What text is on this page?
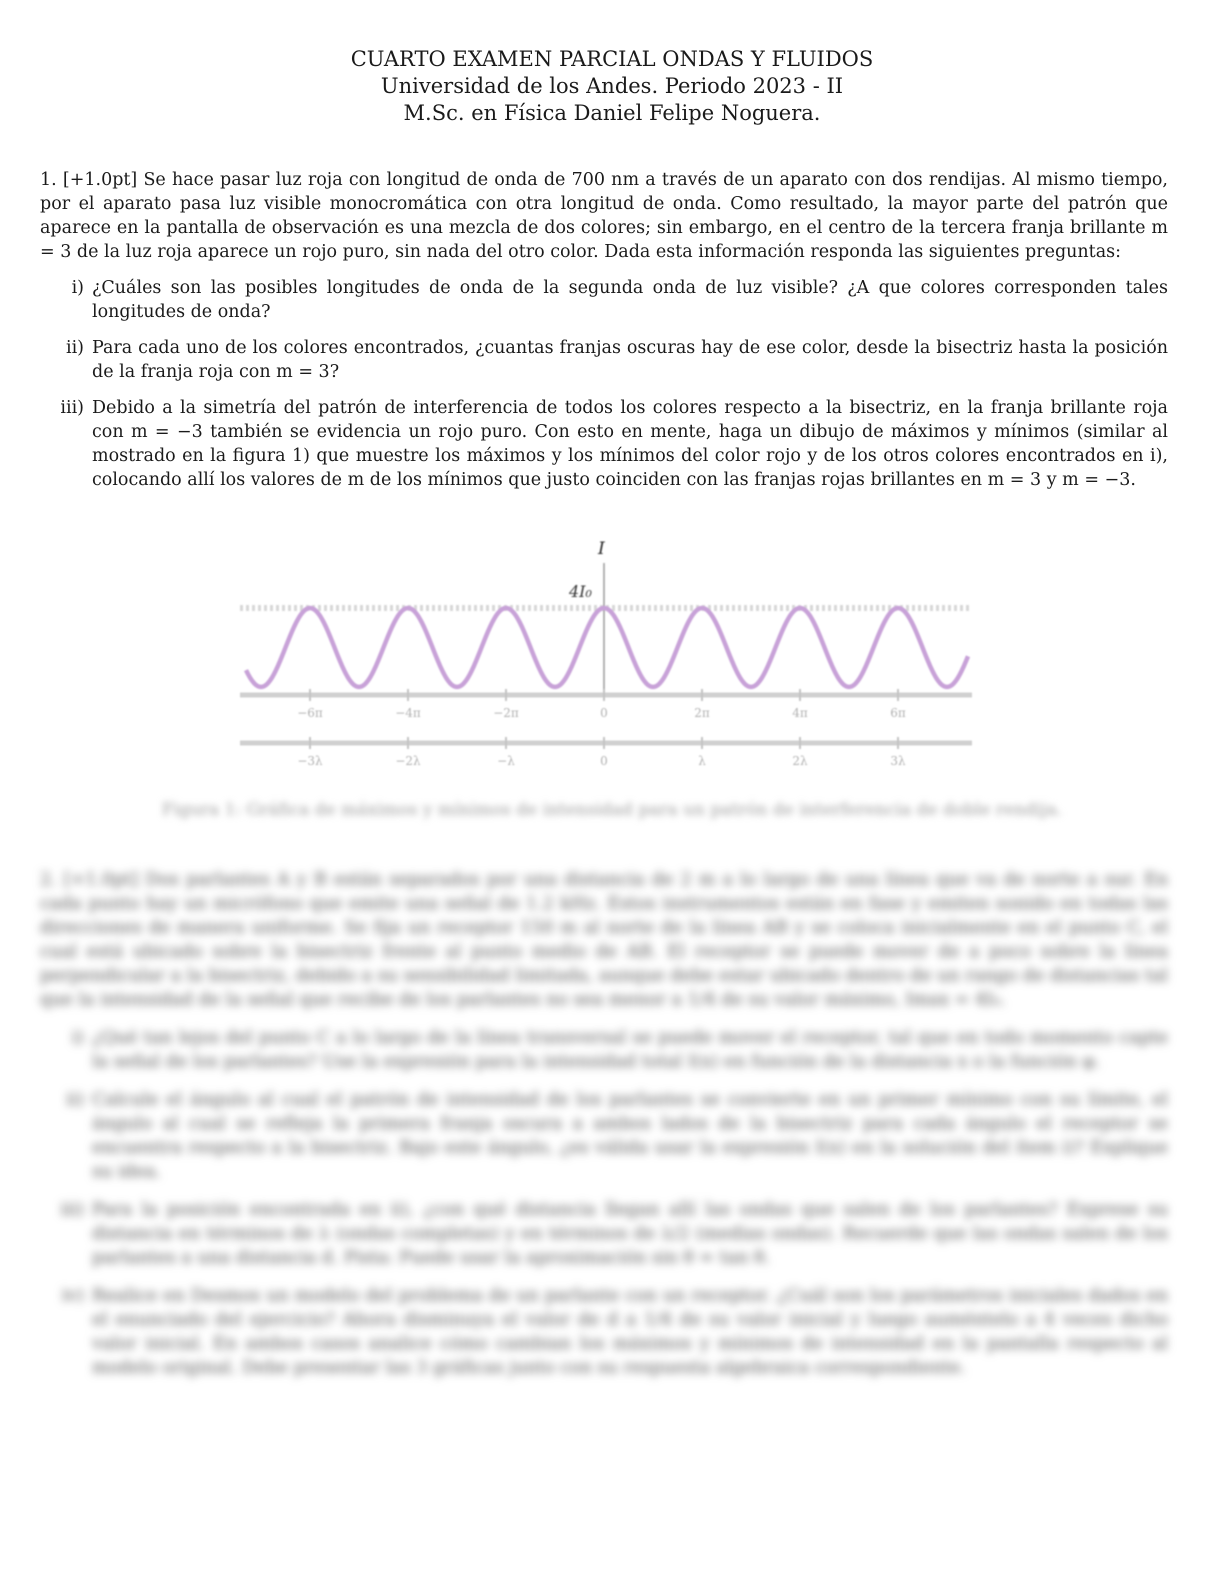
CUARTO EXAMEN PARCIAL ONDAS Y FLUIDOS
Universidad de los Andes. Periodo 2023 - II
M.Sc. en Física Daniel Felipe Noguera.
1. [+1.0pt] Se hace pasar luz roja con longitud de onda de 700 nm a través de un aparato con dos rendijas. Al mismo tiempo, por el aparato pasa luz visible monocromática con otra longitud de onda. Como resultado, la mayor parte del patrón que aparece en la pantalla de observación es una mezcla de dos colores; sin embargo, en el centro de la tercera franja brillante m = 3 de la luz roja aparece un rojo puro, sin nada del otro color. Dada esta información responda las siguientes preguntas:
i) ¿Cuáles son las posibles longitudes de onda de la segunda onda de luz visible? ¿A que colores corresponden tales longitudes de onda?
ii) Para cada uno de los colores encontrados, ¿cuantas franjas oscuras hay de ese color, desde la bisectriz hasta la posición de la franja roja con m = 3?
iii) Debido a la simetría del patrón de interferencia de todos los colores respecto a la bisectriz, en la franja brillante roja con m = −3 también se evidencia un rojo puro. Con esto en mente, haga un dibujo de máximos y mínimos (similar al mostrado en la figura 1) que muestre los máximos y los mínimos del color rojo y de los otros colores encontrados en i), colocando allí los valores de m de los mínimos que justo coinciden con las franjas rojas brillantes en m = 3 y m = −3.
I
4I₀
−6π
−3λ
−4π
−2λ
−2π
−λ
0
0
2π
λ
4π
2λ
6π
3λ
Figura 1: Gráfica de máximos y mínimos de intensidad para un patrón de interferencia de doble rendija.
2. [+1.0pt] Dos parlantes A y B están separados por una distancia de 2 m a lo largo de una línea que va de norte a sur. En cada punto hay un micrófono que emite una señal de 1.2 kHz. Estos instrumentos están en fase y emiten sonido en todas las direcciones de manera uniforme. Se fija un receptor 150 m al norte de la línea AB y se coloca inicialmente en el punto C, el cual está ubicado sobre la bisectriz frente al punto medio de AB. El receptor se puede mover de a poco sobre la línea perpendicular a la bisectriz, debido a su sensibilidad limitada, aunque debe estar ubicado dentro de un rango de distancias tal que la intensidad de la señal que recibe de los parlantes no sea menor a 1/4 de su valor máximo, Imax = 4I₀.
i) ¿Qué tan lejos del punto C a lo largo de la línea transversal se puede mover el receptor, tal que en todo momento capte la señal de los parlantes? Use la expresión para la intensidad total I(x) en función de la distancia x o la función φ.
ii) Calcule el ángulo al cual el patrón de intensidad de los parlantes se convierte en un primer mínimo con su límite, el ángulo al cual se refleja la primera franja oscura a ambos lados de la bisectriz para cada ángulo el receptor se encuentra respecto a la bisectriz. Bajo este ángulo, ¿es válida usar la expresión I(x) en la solución del ítem i)? Explique su idea.
iii) Para la posición encontrada en ii), ¿con qué distancia llegan allí las ondas que salen de los parlantes? Exprese su distancia en términos de λ (ondas completas) y en términos de λ/2 (medias ondas). Recuerde que las ondas salen de los parlantes a una distancia d. Pista: Puede usar la aproximación sin θ ≈ tan θ.
iv) Realice en Desmos un modelo del problema de un parlante con un receptor. ¿Cuál son los parámetros iniciales dados en el enunciado del ejercicio? Ahora disminuya el valor de d a 1/4 de su valor inicial y luego auméntelo a 4 veces dicho valor inicial. En ambos casos analice cómo cambian los máximos y mínimos de intensidad en la pantalla respecto al modelo original. Debe presentar las 3 gráficas junto con su respuesta algebraica correspondiente.
